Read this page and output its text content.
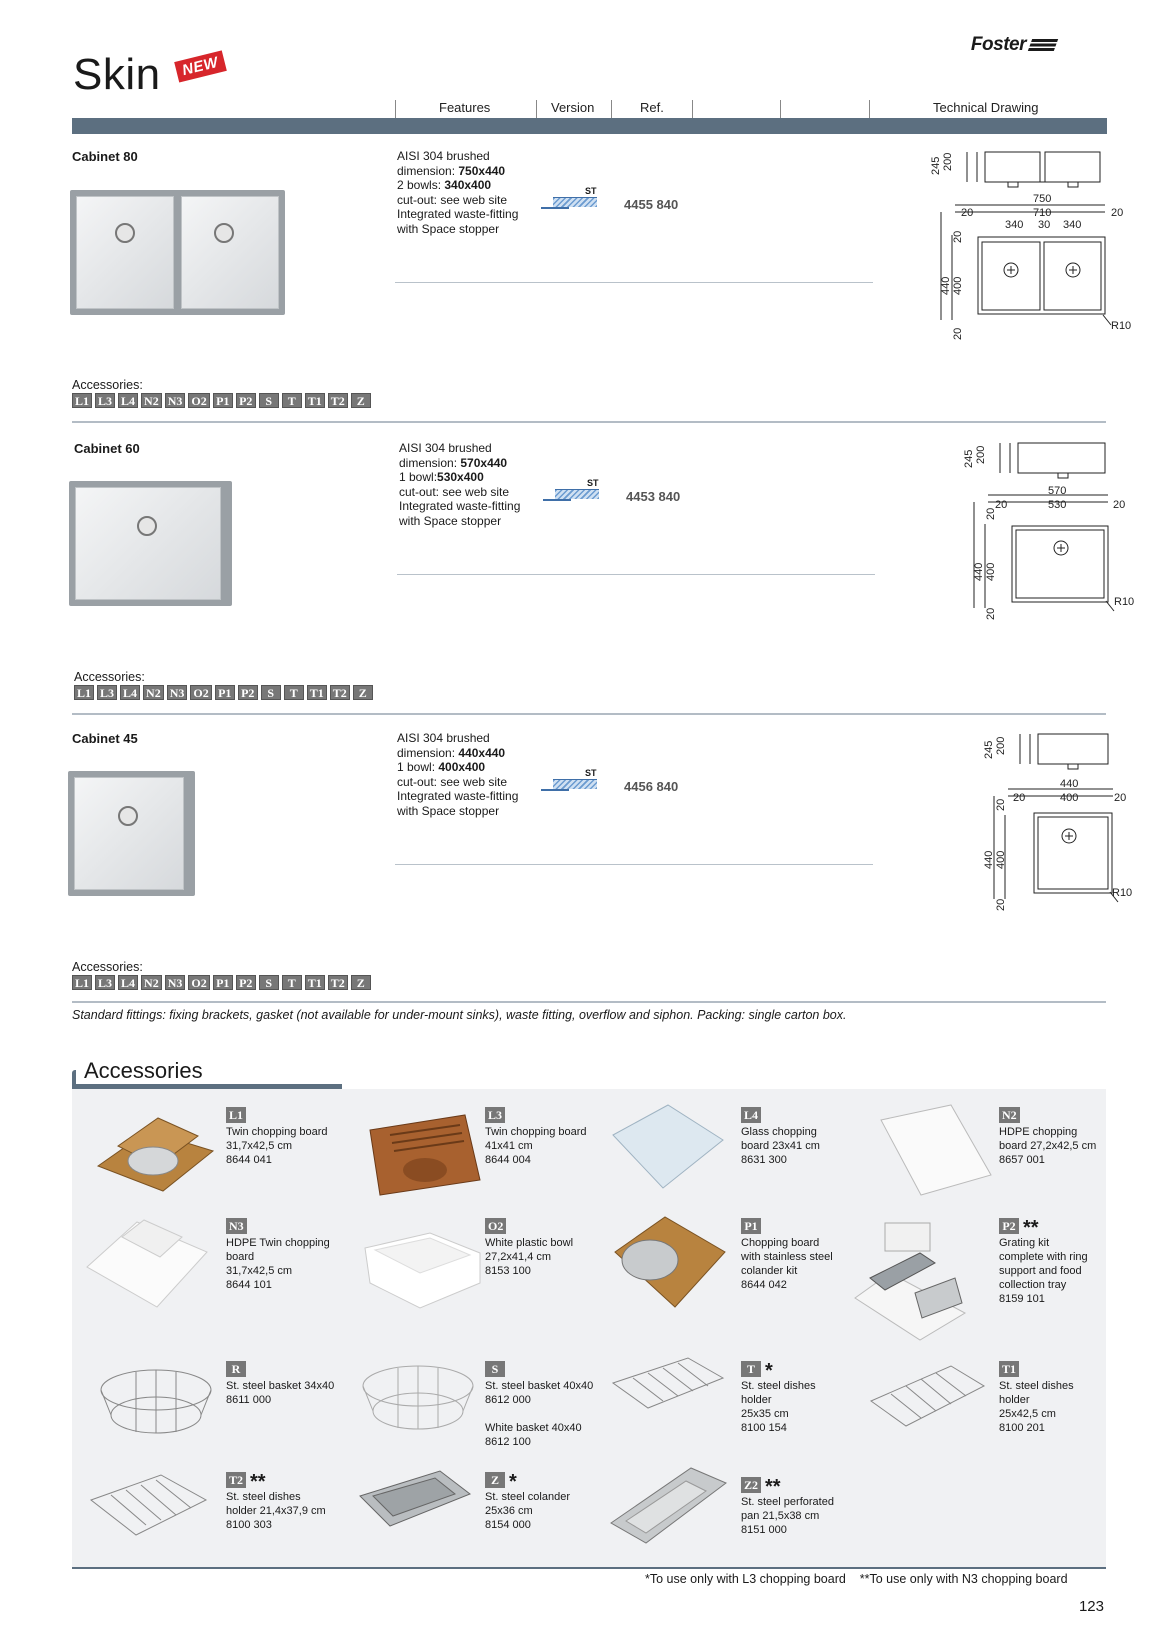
Foster
Skin	NEW
Features	Version	Ref.	Technical Drawing
Cabinet 80	AISI 304 brushed
dimension: 750x440
2 bowls: 340x400
cut-out: see web site
Integrated waste-fitting
with Space stopper
ST
4455 840
245 200
750
710
20	20
340 30 340
20
440 400
20
R10
Accessories:
L1 L3 L4 N2 N3 O2 P1 P2	S	T	T1 T2 Z
Cabinet 60	AISI 304 brushed
dimension: 570x440
1 bowl:530x400
cut-out: see web site
Integrated waste-fitting
with Space stopper
ST
4453 840
245 200
570
530
20	20
20
440 400
20
R10
Accessories:
L1 L3 L4 N2 N3 O2 P1 P2	S	T	T1 T2 Z
Cabinet 45	AISI 304 brushed
dimension: 440x440
1 bowl: 400x400
cut-out: see web site
Integrated waste-fitting
with Space stopper
ST
4456 840
245 200
440
400
20	20
20
440 400
20
R10
Accessories:
L1 L3 L4 N2 N3 O2 P1 P2	S	T	T1 T2 Z
Standard fittings: fixing brackets, gasket (not available for under-mount sinks), waste fitting, overflow and siphon. Packing: single carton box.
Accessories
L1
Twin chopping board
31,7x42,5 cm
8644 041
L3
Twin chopping board
41x41 cm
8644 004
L4
Glass chopping
board 23x41 cm
8631 300
N2
HDPE chopping
board 27,2x42,5 cm
8657 001
N3
HDPE Twin chopping
board
31,7x42,5 cm
8644 101
O2
White plastic bowl
27,2x41,4 cm
8153 100
P1
Chopping board
with stainless steel
colander kit
8644 042
P2 **
Grating kit
complete with ring
support and food
collection tray
8159 101
R
St. steel basket 34x40
8611 000
S
St. steel basket 40x40
8612 000
White basket 40x40
8612 100
T *
St. steel dishes
holder
25x35 cm
8100 154
T1
St. steel dishes
holder
25x42,5 cm
8100 201
T2 **
St. steel dishes
holder 21,4x37,9 cm
8100 303
Z *
St. steel colander
25x36 cm
8154 000
Z2 **
St. steel perforated
pan 21,5x38 cm
8151 000
*To use only with L3 chopping board **To use only with N3 chopping board
123
